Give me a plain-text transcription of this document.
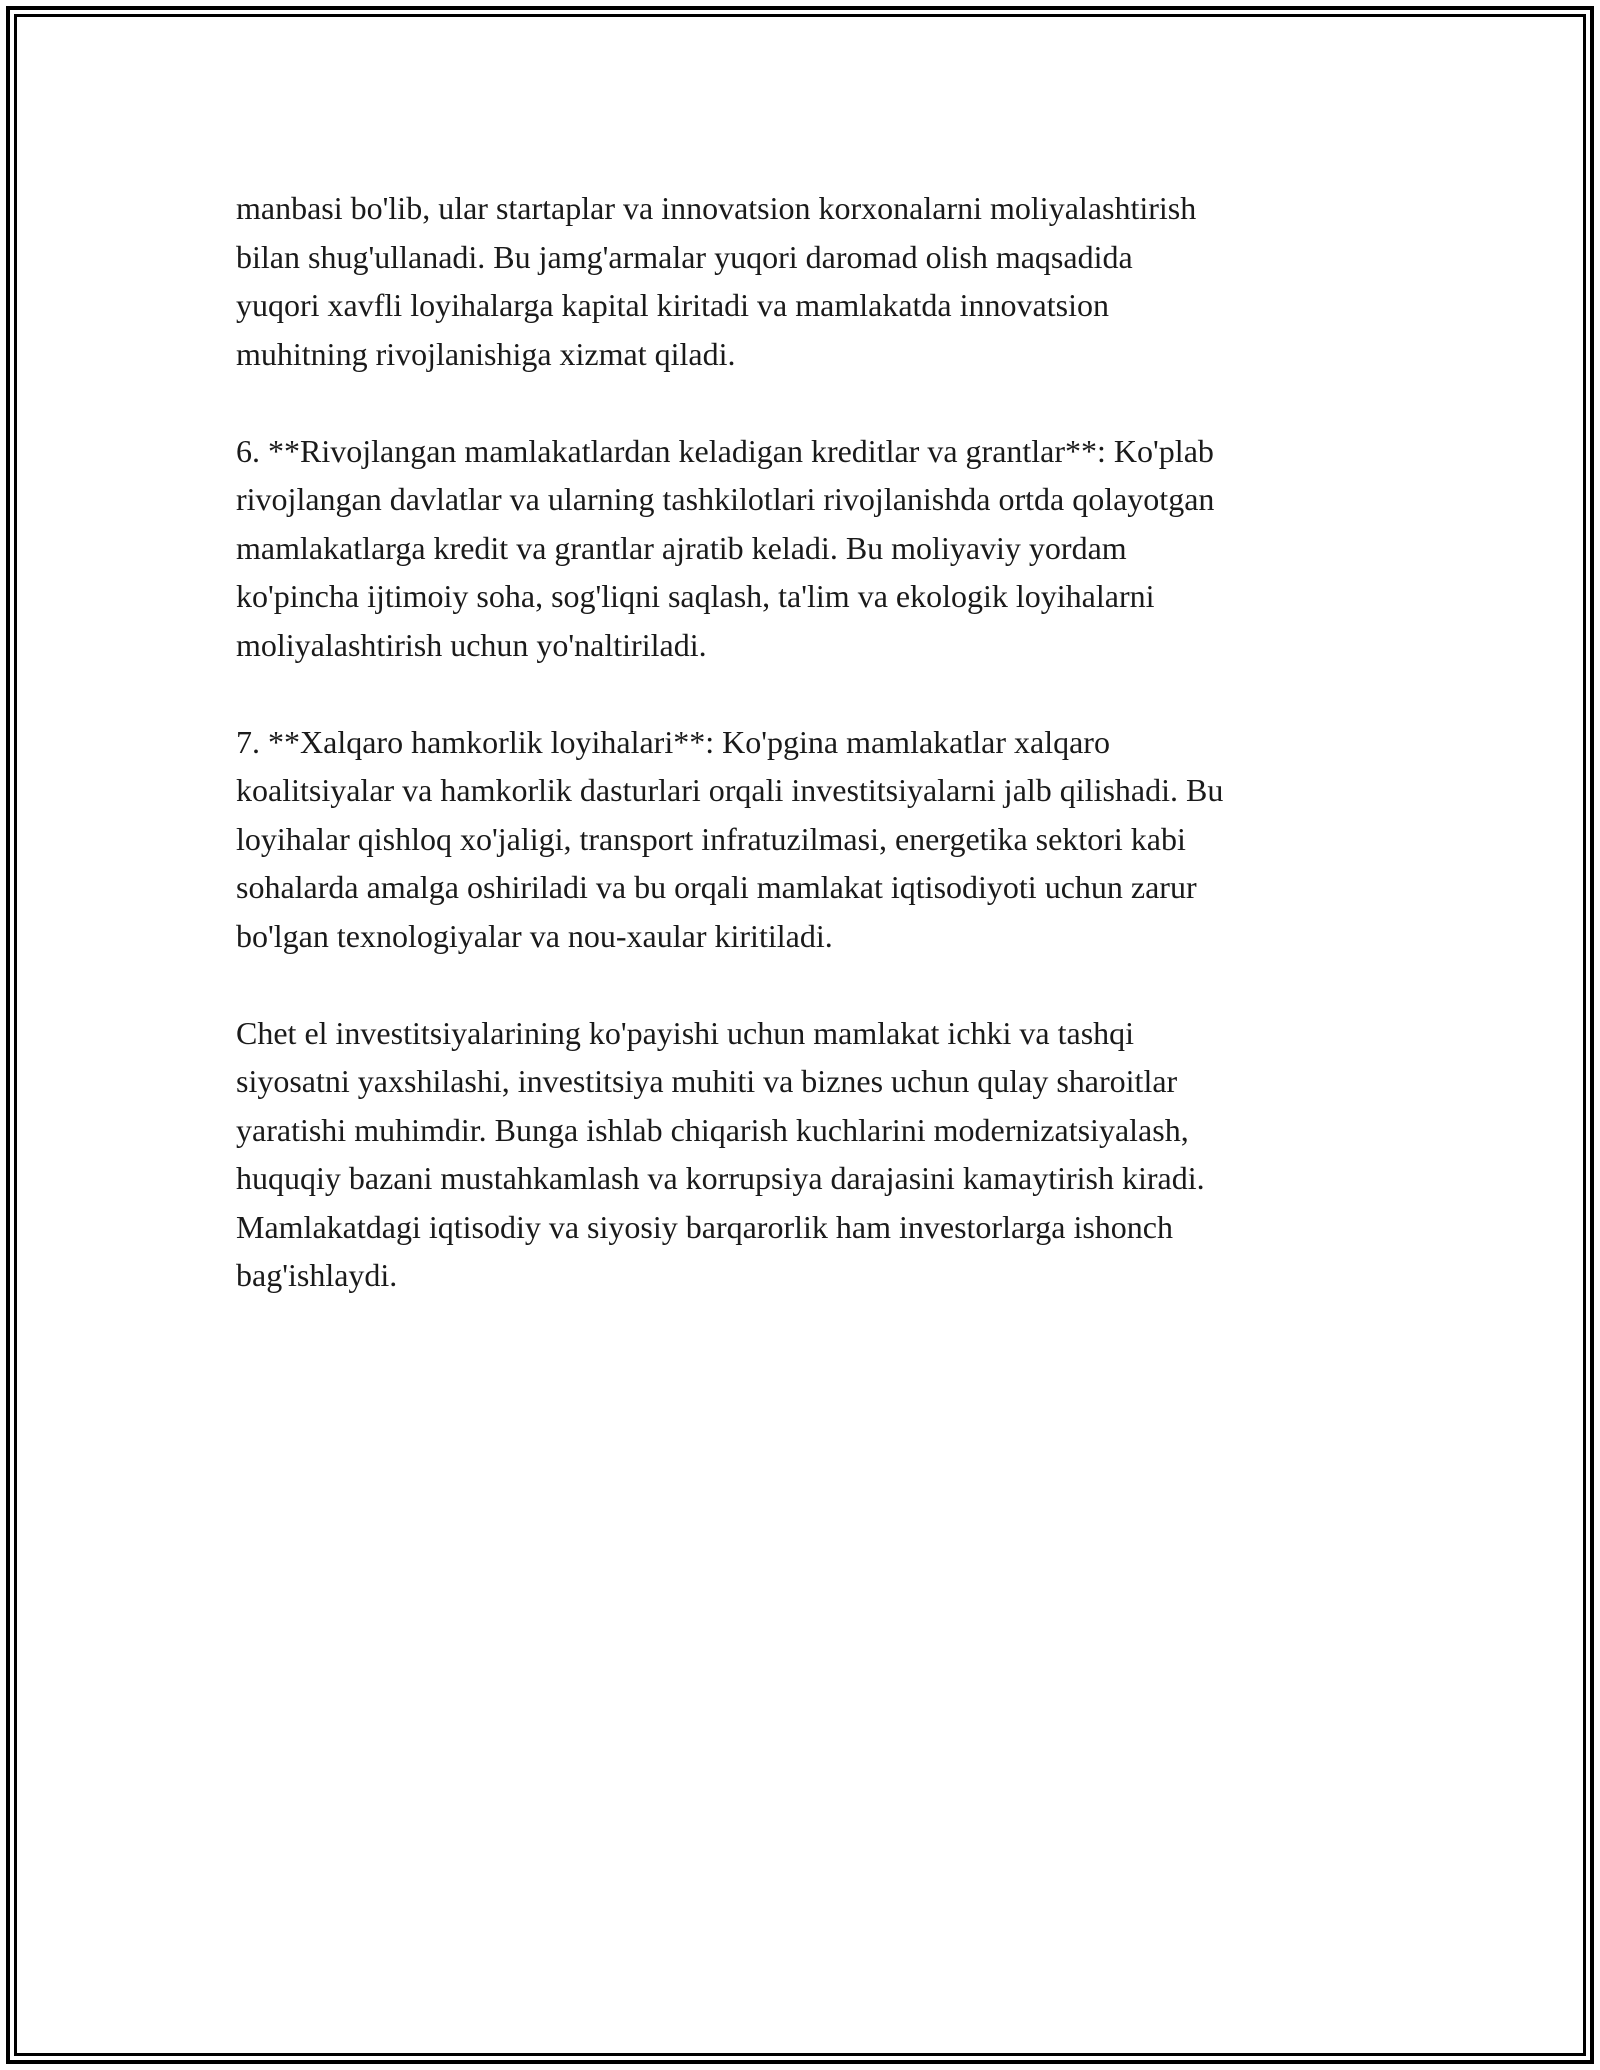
manbasi bo'lib, ular startaplar va innovatsion korxonalarni moliyalashtirish
bilan shug'ullanadi. Bu jamg'armalar yuqori daromad olish maqsadida
yuqori xavfli loyihalarga kapital kiritadi va mamlakatda innovatsion
muhitning rivojlanishiga xizmat qiladi.

6. **Rivojlangan mamlakatlardan keladigan kreditlar va grantlar**: Ko'plab
rivojlangan davlatlar va ularning tashkilotlari rivojlanishda ortda qolayotgan
mamlakatlarga kredit va grantlar ajratib keladi. Bu moliyaviy yordam
ko'pincha ijtimoiy soha, sog'liqni saqlash, ta'lim va ekologik loyihalarni
moliyalashtirish uchun yo'naltiriladi.

7. **Xalqaro hamkorlik loyihalari**: Ko'pgina mamlakatlar xalqaro
koalitsiyalar va hamkorlik dasturlari orqali investitsiyalarni jalb qilishadi. Bu
loyihalar qishloq xo'jaligi, transport infratuzilmasi, energetika sektori kabi
sohalarda amalga oshiriladi va bu orqali mamlakat iqtisodiyoti uchun zarur
bo'lgan texnologiyalar va nou-xaular kiritiladi.

Chet el investitsiyalarining ko'payishi uchun mamlakat ichki va tashqi
siyosatni yaxshilashi, investitsiya muhiti va biznes uchun qulay sharoitlar
yaratishi muhimdir. Bunga ishlab chiqarish kuchlarini modernizatsiyalash,
huquqiy bazani mustahkamlash va korrupsiya darajasini kamaytirish kiradi.
Mamlakatdagi iqtisodiy va siyosiy barqarorlik ham investorlarga ishonch
bag'ishlaydi.
